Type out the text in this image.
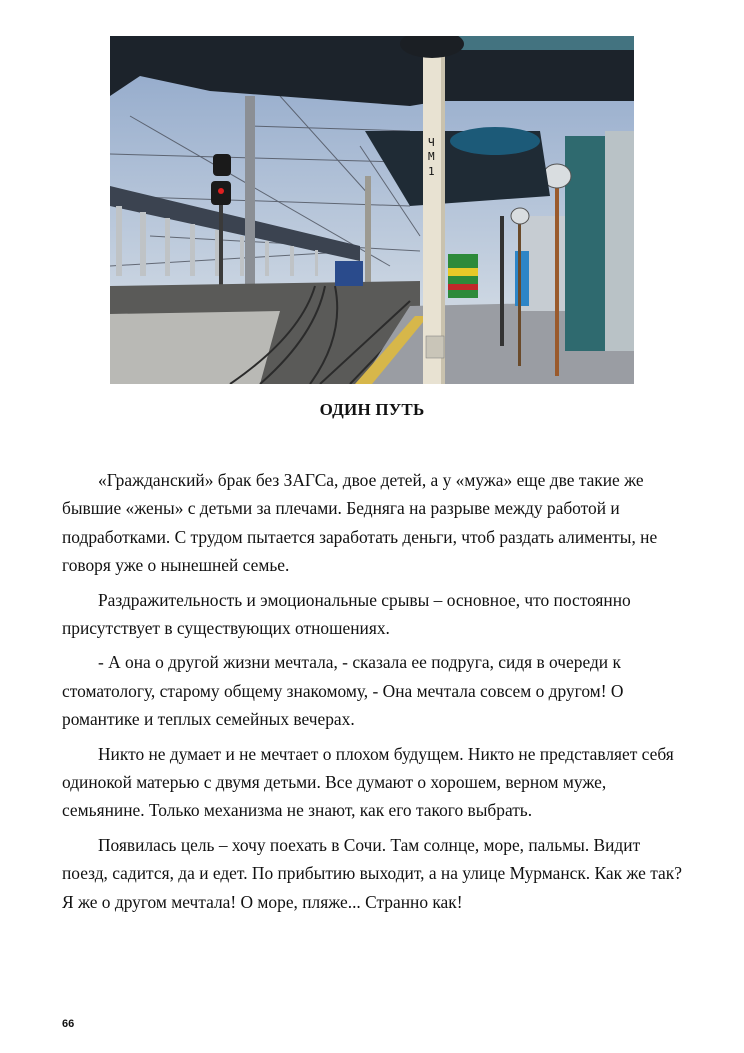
Ч
М
1
ОДИН ПУТЬ

«Гражданский» брак без ЗАГСа, двое детей, а у «мужа» еще две такие же бывшие «жены» с детьми за плечами. Бедняга на разрыве между работой и подработками. С трудом пытается заработать деньги, чтоб раздать алименты, не говоря уже о нынешней семье.

Раздражительность и эмоциональные срывы – основное, что постоянно присутствует в существующих отношениях.

- А она о другой жизни мечтала, - сказала ее подруга, сидя в очереди к стоматологу, старому общему знакомому, - Она мечтала совсем о другом! О романтике и теплых семейных вечерах.

Никто не думает и не мечтает о плохом будущем. Никто не представляет себя одинокой матерью с двумя детьми. Все думают о хорошем, верном муже, семьянине. Только механизма не знают, как его такого выбрать.

Появилась цель – хочу поехать в Сочи. Там солнце, море, пальмы. Видит поезд, садится, да и едет. По прибытию выходит, а на улице Мурманск. Как же так? Я же о другом мечтала! О море, пляже... Странно как!

66
